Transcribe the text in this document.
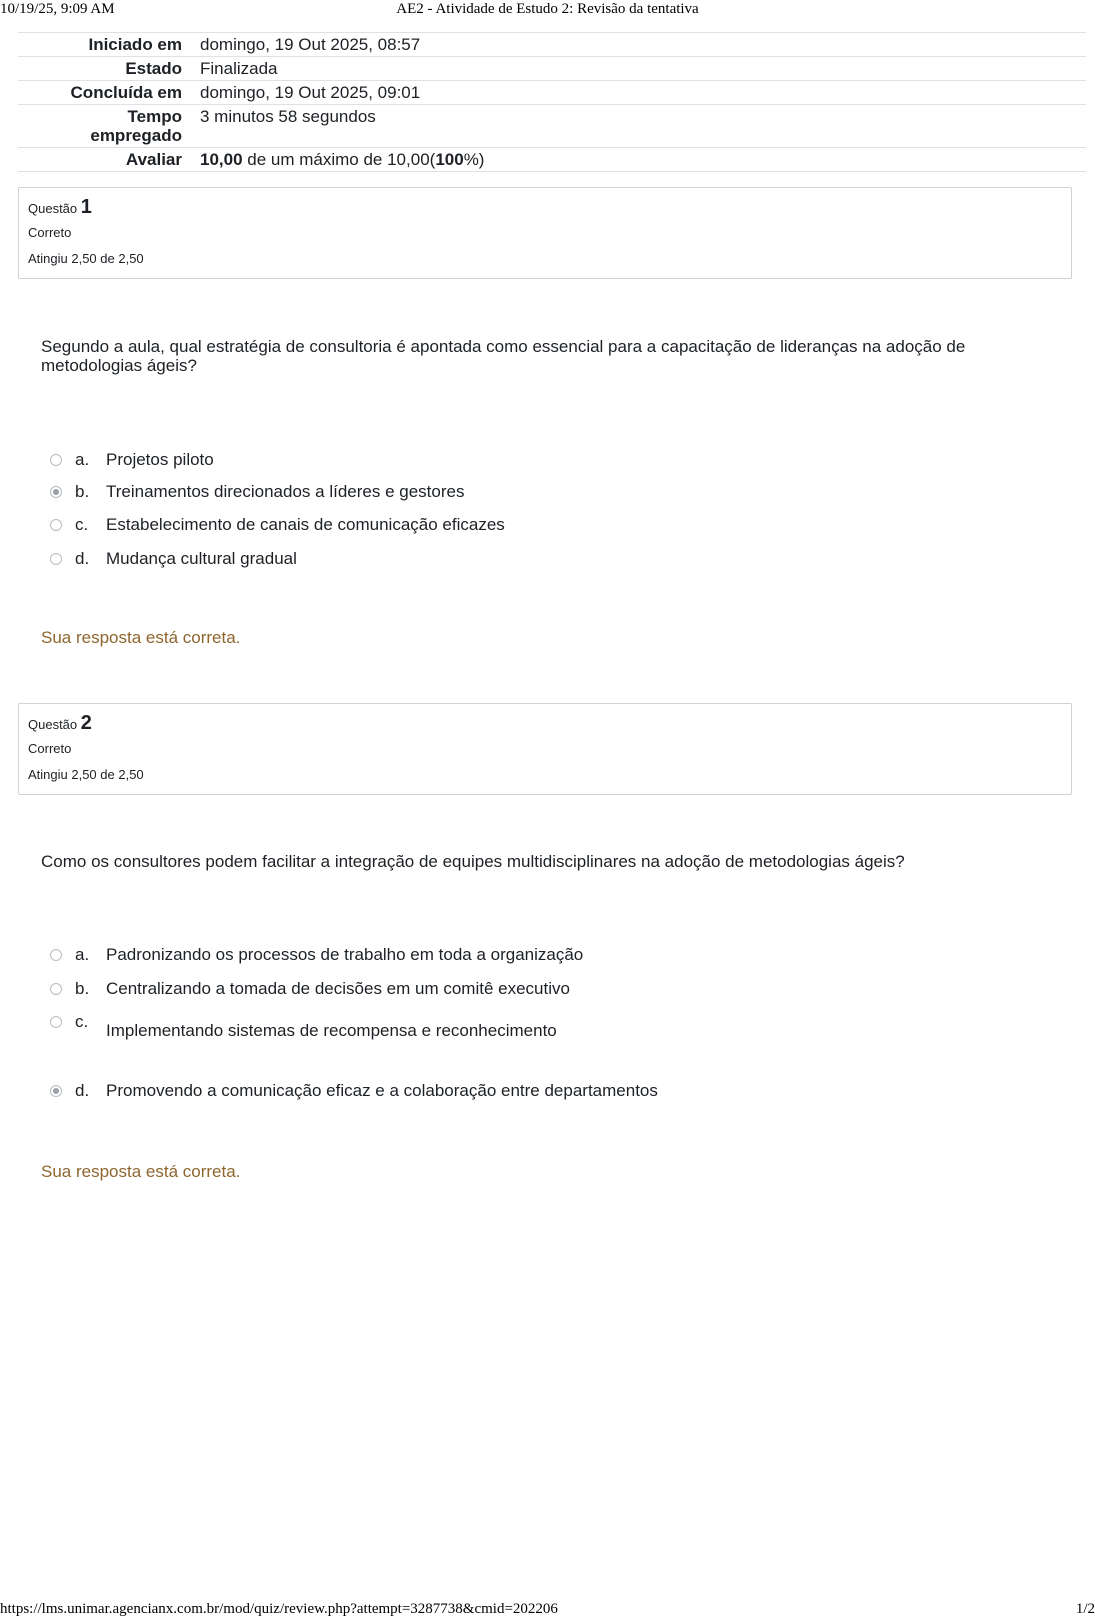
10/19/25, 9:09 AM	AE2 - Atividade de Estudo 2: Revisão da tentativa
Iniciado em	domingo, 19 Out 2025, 08:57
Estado	Finalizada
Concluída em	domingo, 19 Out 2025, 09:01
Tempo
empregado	3 minutos 58 segundos
Avaliar	10,00 de um máximo de 10,00(100%)
Questão 1
Correto
Atingiu 2,50 de 2,50
Segundo a aula, qual estratégia de consultoria é apontada como essencial para a capacitação de lideranças na adoção de metodologias ágeis?
a. Projetos piloto
b. Treinamentos direcionados a líderes e gestores
c. Estabelecimento de canais de comunicação eficazes
d. Mudança cultural gradual
Sua resposta está correta.
Questão 2
Correto
Atingiu 2,50 de 2,50
Como os consultores podem facilitar a integração de equipes multidisciplinares na adoção de metodologias ágeis?
a. Padronizando os processos de trabalho em toda a organização
b. Centralizando a tomada de decisões em um comitê executivo
c. Implementando sistemas de recompensa e reconhecimento
d. Promovendo a comunicação eficaz e a colaboração entre departamentos
Sua resposta está correta.
https://lms.unimar.agencianx.com.br/mod/quiz/review.php?attempt=3287738&cmid=202206	1/2
